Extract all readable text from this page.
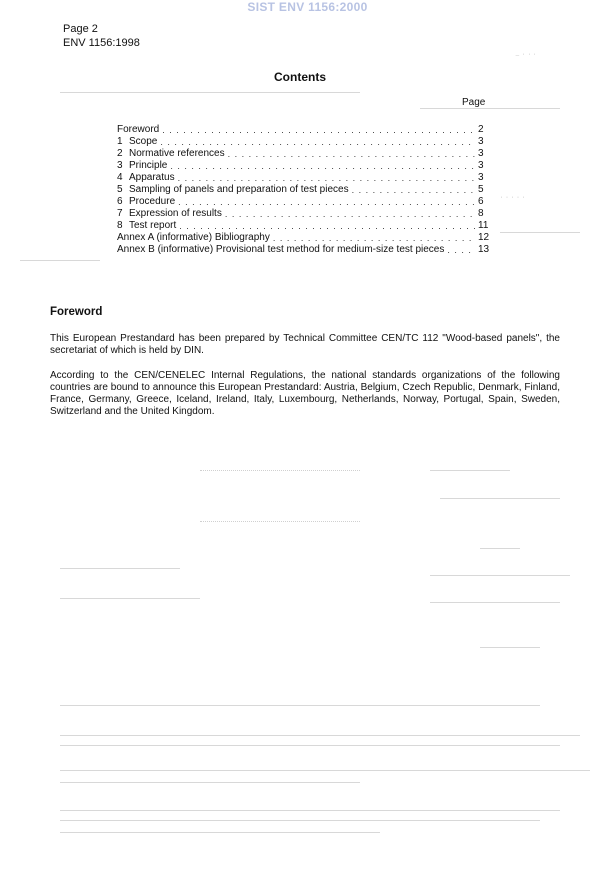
SIST ENV 1156:2000
Page 2
ENV 1156:1998
⁻ ˈ ˈ ˈ
ˈ ˈ ˈ ˈ ˈ
Contents
Page
Foreword . . .	2
1 Scope . . .	3
2 Normative references . . .	3
3 Principle . . .	3
4 Apparatus . . .	3
5 Sampling of panels and preparation of test pieces . . .	5
6 Procedure . . .	6
7 Expression of results . . .	8
8 Test report . . .	11
Annex A (informative) Bibliography . . .	12
Annex B (informative) Provisional test method for medium-size test pieces . . .	13
Foreword
This European Prestandard has been prepared by Technical Committee CEN/TC 112 "Wood-based panels", the secretariat of which is held by DIN.
According to the CEN/CENELEC Internal Regulations, the national standards organizations of the following countries are bound to announce this European Prestandard: Austria, Belgium, Czech Republic, Denmark, Finland, France, Germany, Greece, Iceland, Ireland, Italy, Luxembourg, Netherlands, Norway, Portugal, Spain, Sweden, Switzerland and the United Kingdom.
